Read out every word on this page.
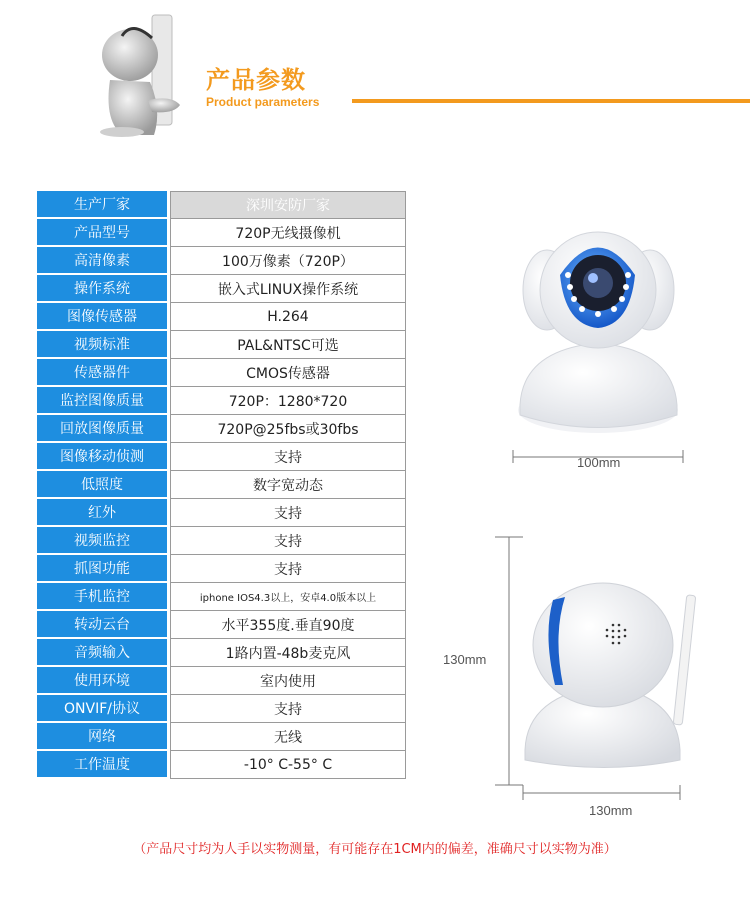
产品参数
Product parameters
生产厂家		深圳安防厂家
产品型号		720P无线摄像机
高清像素		100万像素（720P）
操作系统		嵌入式LINUX操作系统
图像传感器		H.264
视频标准		PAL&NTSC可选
传感器件		CMOS传感器
监控图像质量		720P：1280*720
回放图像质量		720P@25fbs或30fbs
图像移动侦测		支持
低照度		数字宽动态
红外		支持
视频监控		支持
抓图功能		支持
手机监控		iphone IOS4.3以上，安卓4.0版本以上
转动云台		水平355度.垂直90度
音频输入		1路内置-48b麦克风
使用环境		室内使用
ONVIF/协议		支持
网络		无线
工作温度		-10° C-55° C
100mm
130mm
130mm
（产品尺寸均为人手以实物测量，有可能存在1CM内的偏差，准确尺寸以实物为准）
